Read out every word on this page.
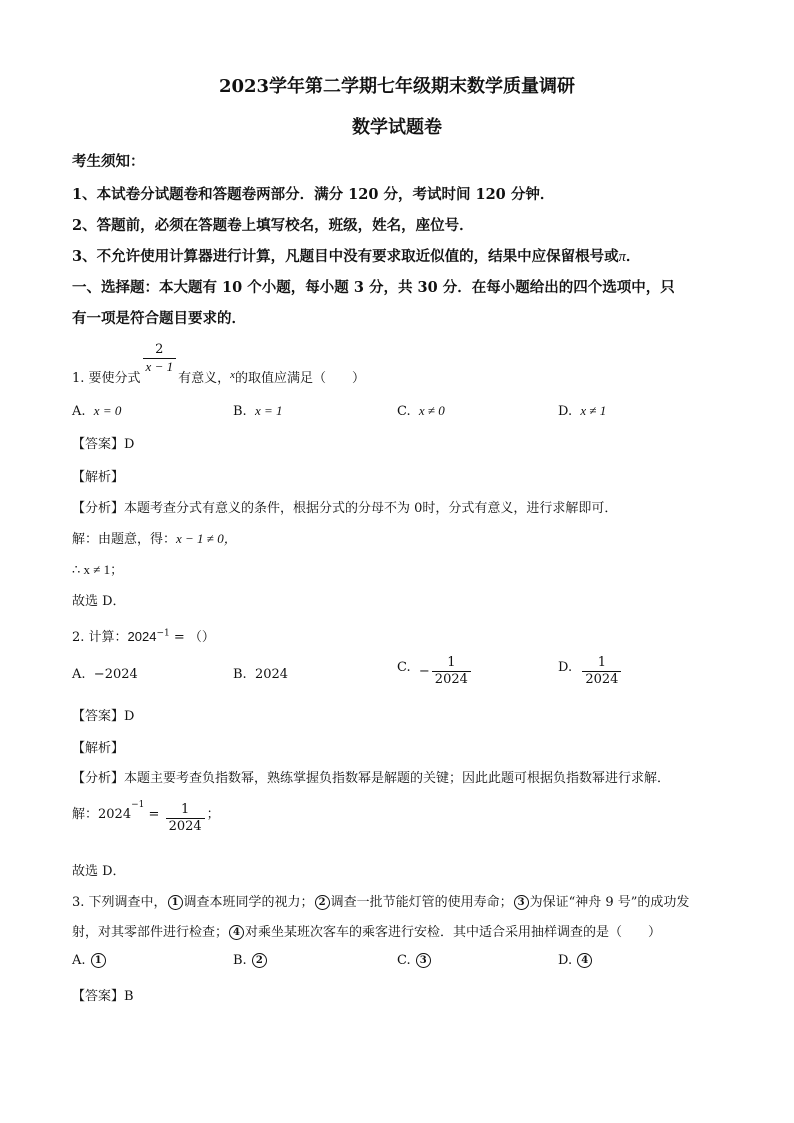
2023学年第二学期七年级期末数学质量调研
数学试题卷
考生须知：
1、本试卷分试题卷和答题卷两部分．满分 120 分，考试时间 120 分钟．
2、答题前，必须在答题卷上填写校名，班级，姓名，座位号．
3、不允许使用计算器进行计算，凡题目中没有要求取近似值的，结果中应保留根号或π．
一、选择题：本大题有 10 个小题，每小题 3 分，共 30 分．在每小题给出的四个选项中，只
有一项是符合题目要求的．
1. 要使分式
$\frac{2}{x - 1}$
有意义，$^x$的取值应满足（　　）
A. x = 0	B. x = 1	C. x ≠ 0	D. x ≠ 1
【答案】D
【解析】
【分析】本题考查分式有意义的条件，根据分式的分母不为 0时，分式有意义，进行求解即可．
解：由题意，得：x − 1 ≠ 0，
∴ x ≠ 1；
故选 D．
2. 计算：$2024^{-1}$ = （）
A. −2024	B. 2024	C. − $\frac{1}{2024}$	D. $\frac{1}{2024}$
【答案】D
【解析】
【分析】本题主要考查负指数幂，熟练掌握负指数幂是解题的关键；因此此题可根据负指数幂进行求解．
解：$2024^{-1} = \frac{1}{2024}$ ；
故选 D．
3. 下列调查中， 1 调查本班同学的视力； 2 调查一批节能灯管的使用寿命； 3 为保证“神舟 9 号”的成功发
射，对其零部件进行检查； 4 对乘坐某班次客车的乘客进行安检．其中适合采用抽样调查的是（　　）
A. 1	B. 2	C. 3	D. 4
【答案】B
